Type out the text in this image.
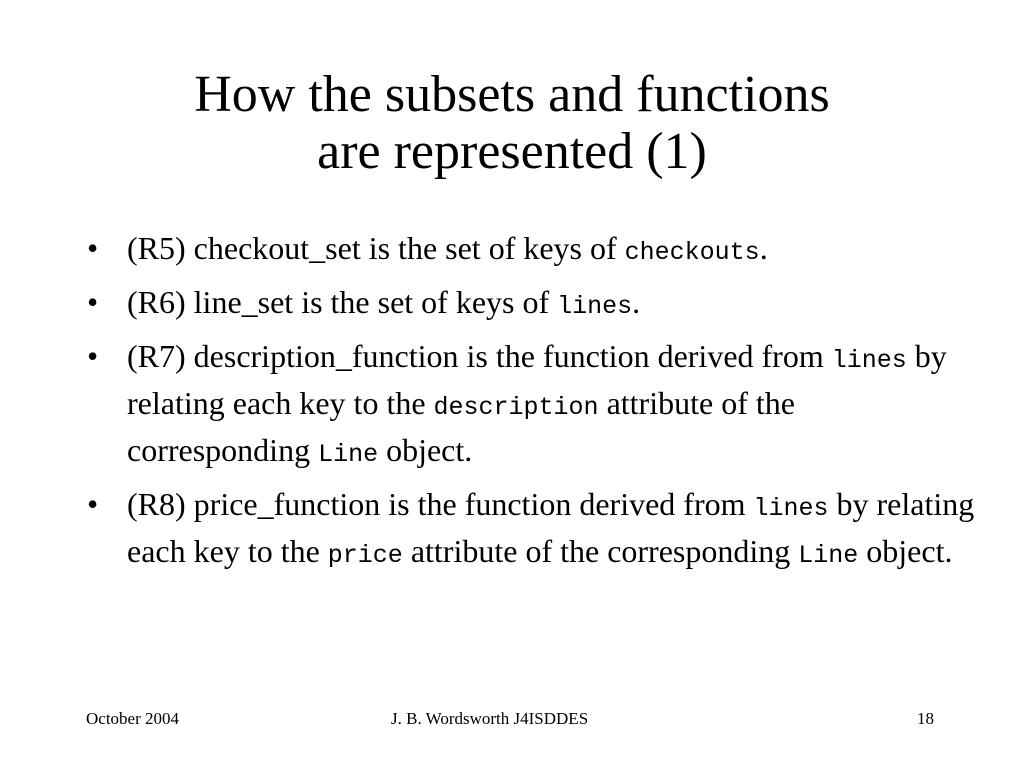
How the subsets and functions
are represented (1)
• (R5) checkout_set is the set of keys of checkouts.
• (R6) line_set is the set of keys of lines.
• (R7) description_function is the function derived from lines by relating each key to the description attribute of the corresponding Line object.
• (R8) price_function is the function derived from lines by relating each key to the price attribute of the corresponding Line object.
October 2004	J. B. Wordsworth J4ISDDES	18
